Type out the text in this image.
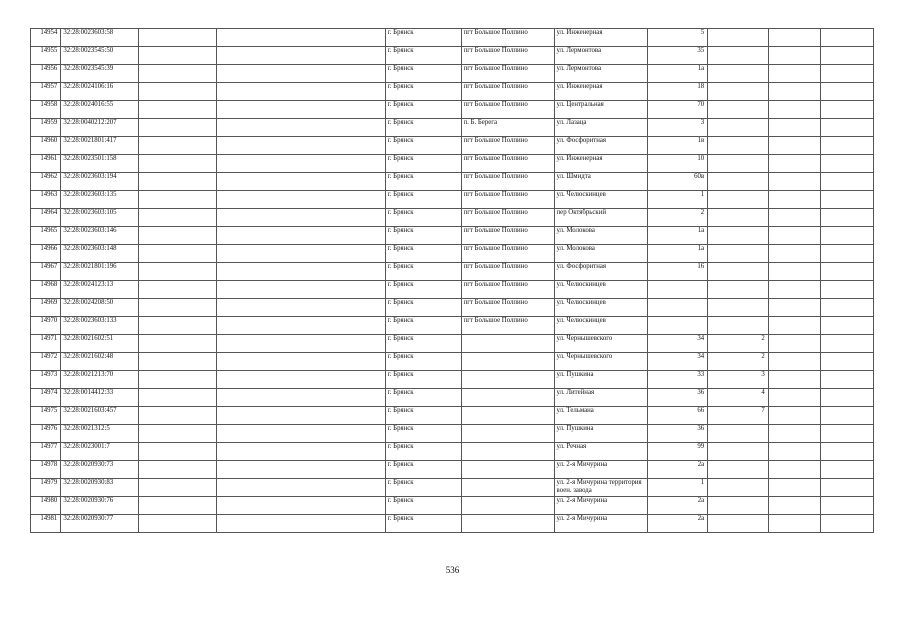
14954	32:28:0023603:58			г. Брянск	пгт Большое Полпино	ул. Инженерная	5			
14955	32:28:0023545:50			г. Брянск	пгт Большое Полпино	ул. Лермонтова	35			
14956	32:28:0023545:39			г. Брянск	пгт Большое Полпино	ул. Лермонтова	1а			
14957	32:28:0024106:16			г. Брянск	пгт Большое Полпино	ул. Инженерная	18			
14958	32:28:0024016:55			г. Брянск	пгт Большое Полпино	ул. Центральная	70			
14959	32:28:0040212:207			г. Брянск	п. Б. Берега	ул. Лазаца	3			
14960	32:28:0021801:417			г. Брянск	пгт Большое Полпино	ул. Фосфоритная	1в			
14961	32:28:0023501:158			г. Брянск	пгт Большое Полпино	ул. Инженерная	10			
14962	32:28:0023603:194			г. Брянск	пгт Большое Полпино	ул. Шмидта	60в			
14963	32:28:0023603:135			г. Брянск	пгт Большое Полпино	ул. Челюскинцев	1			
14964	32:28:0023603:105			г. Брянск	пгт Большое Полпино	пер Октябрьский	2			
14965	32:28:0023603:146			г. Брянск	пгт Большое Полпино	ул. Молокова	1а			
14966	32:28:0023603:148			г. Брянск	пгт Большое Полпино	ул. Молокова	1а			
14967	32:28:0021801:196			г. Брянск	пгт Большое Полпино	ул. Фосфоритная	16			
14968	32:28:0024123:13			г. Брянск	пгт Большое Полпино	ул. Челюскинцев				
14969	32:28:0024208:50			г. Брянск	пгт Большое Полпино	ул. Челюскинцев				
14970	32:28:0023603:133			г. Брянск	пгт Большое Полпино	ул. Челюскинцев				
14971	32:28:0021602:51			г. Брянск		ул. Чернышевского	34	2		
14972	32:28:0021602:48			г. Брянск		ул. Чернышевского	34	2		
14973	32:28:0021213:70			г. Брянск		ул. Пушкина	33	3		
14974	32:28:0014412:33			г. Брянск		ул. Литейная	36	4		
14975	32:28:0021603:457			г. Брянск		ул. Тельмана	66	7		
14976	32:28:0021312:5			г. Брянск		ул. Пушкина	36			
14977	32:28:0023001:7			г. Брянск		ул. Речная	99			
14978	32:28:0020930:73			г. Брянск		ул. 2-я Мичурина	2а			
14979	32:28:0020930:83			г. Брянск		ул. 2-я Мичурина территория воен. завода	1			
14980	32:28:0020930:76			г. Брянск		ул. 2-я Мичурина	2а			
14981	32:28:0020930:77			г. Брянск		ул. 2-я Мичурина	2а			
536
